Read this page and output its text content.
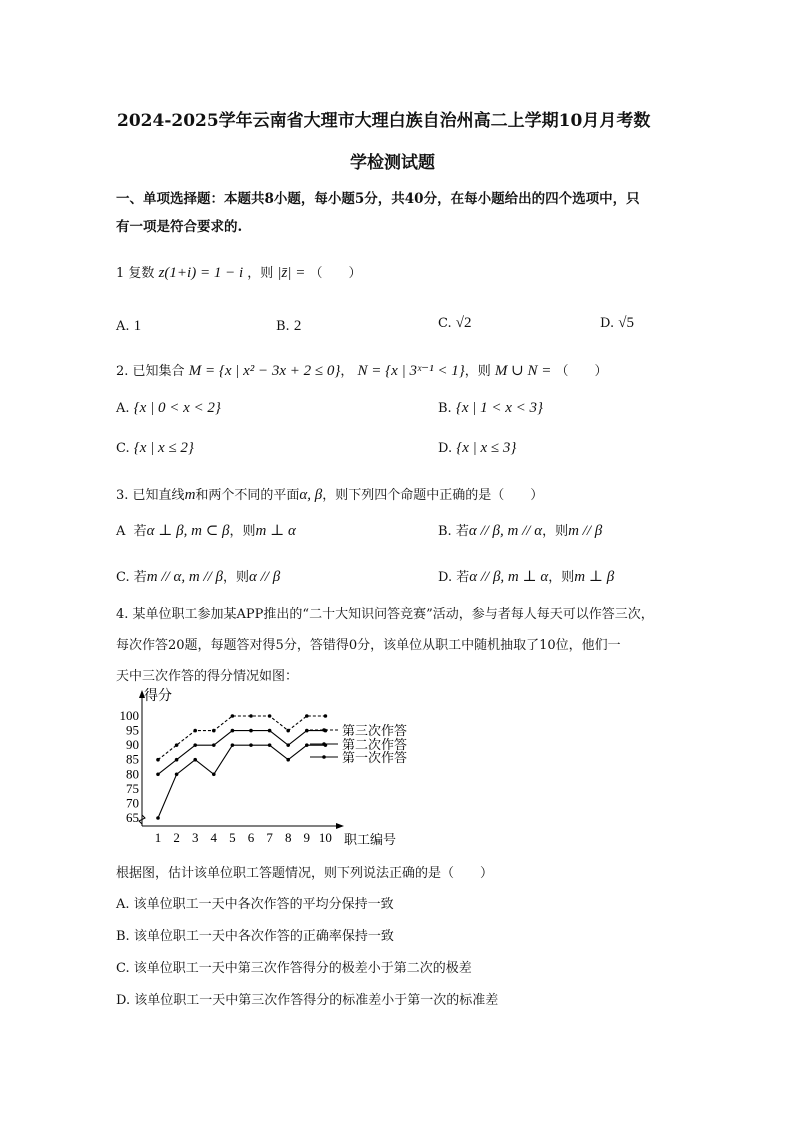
2024-2025学年云南省大理市大理白族自治州高二上学期10月月考数
学检测试题
一、单项选择题：本题共8小题，每小题5分，共40分，在每小题给出的四个选项中，只
有一项是符合要求的.
1 复数 z(1+i) = 1 − i ，则 |z̄| = （　　）
A. 1	B. 2	C. √2	D. √5
2. 已知集合 M = {x | x² − 3x + 2 ≤ 0}， N = {x | 3ˣ⁻¹ < 1}，则 M ∪ N = （　　）
A. {x | 0 < x < 2}	B. {x | 1 < x < 3}
C. {x | x ≤ 2}	D. {x | x ≤ 3}
3. 已知直线m和两个不同的平面α, β，则下列四个命题中正确的是（　　）
A 若α ⊥ β, m ⊂ β，则m ⊥ α	B. 若α // β, m // α，则m // β
C. 若m // α, m // β，则α // β	D. 若α // β, m ⊥ α，则m ⊥ β
4. 某单位职工参加某APP推出的“二十大知识问答竞赛”活动，参与者每人每天可以作答三次，
每次作答20题，每题答对得5分，答错得0分，该单位从职工中随机抽取了10位，他们一
天中三次作答的得分情况如图：
得分
职工编号
65
70
75
80
85
90
95
100
1 2 3 4 5 6 7 8 9 10
第三次作答
第二次作答
第一次作答
根据图，估计该单位职工答题情况，则下列说法正确的是（　　）
A. 该单位职工一天中各次作答的平均分保持一致
B. 该单位职工一天中各次作答的正确率保持一致
C. 该单位职工一天中第三次作答得分的极差小于第二次的极差
D. 该单位职工一天中第三次作答得分的标准差小于第一次的标准差
